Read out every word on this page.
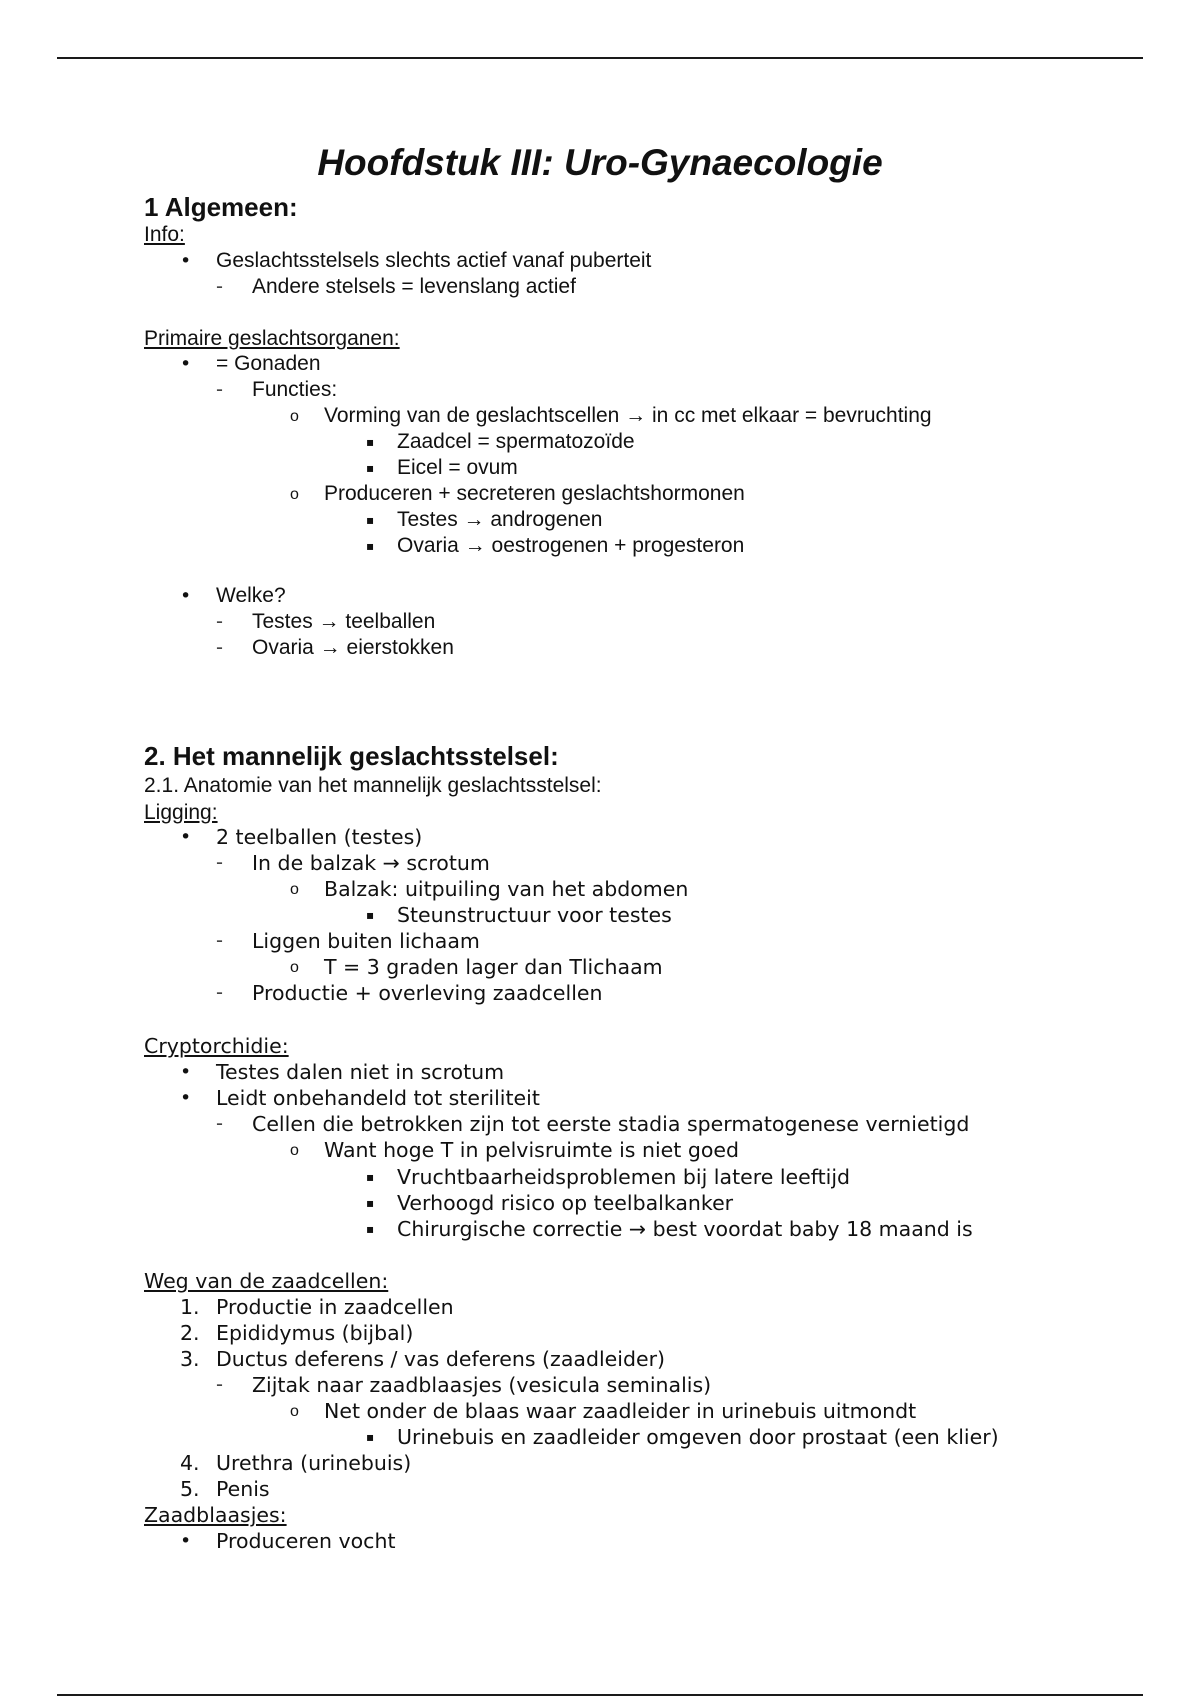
Hoofdstuk III: Uro-Gynaecologie
1 Algemeen:
Info:
• Geslachtsstelsels slechts actief vanaf puberteit
- Andere stelsels = levenslang actief
Primaire geslachtsorganen:
• = Gonaden
- Functies:
o Vorming van de geslachtscellen → in cc met elkaar = bevruchting
▪ Zaadcel = spermatozoïde
▪ Eicel = ovum
o Produceren + secreteren geslachtshormonen
▪ Testes → androgenen
▪ Ovaria → oestrogenen + progesteron
• Welke?
- Testes → teelballen
- Ovaria → eierstokken
2. Het mannelijk geslachtsstelsel:
2.1. Anatomie van het mannelijk geslachtsstelsel:
Ligging:
• 2 teelballen (testes)
- In de balzak → scrotum
o Balzak: uitpuiling van het abdomen
▪ Steunstructuur voor testes
- Liggen buiten lichaam
o T = 3 graden lager dan Tlichaam
- Productie + overleving zaadcellen
Cryptorchidie:
• Testes dalen niet in scrotum
• Leidt onbehandeld tot steriliteit
- Cellen die betrokken zijn tot eerste stadia spermatogenese vernietigd
o Want hoge T in pelvisruimte is niet goed
▪ Vruchtbaarheidsproblemen bij latere leeftijd
▪ Verhoogd risico op teelbalkanker
▪ Chirurgische correctie → best voordat baby 18 maand is
Weg van de zaadcellen:
1. Productie in zaadcellen
2. Epididymus (bijbal)
3. Ductus deferens / vas deferens (zaadleider)
- Zijtak naar zaadblaasjes (vesicula seminalis)
o Net onder de blaas waar zaadleider in urinebuis uitmondt
▪ Urinebuis en zaadleider omgeven door prostaat (een klier)
4. Urethra (urinebuis)
5. Penis
Zaadblaasjes:
• Produceren vocht
